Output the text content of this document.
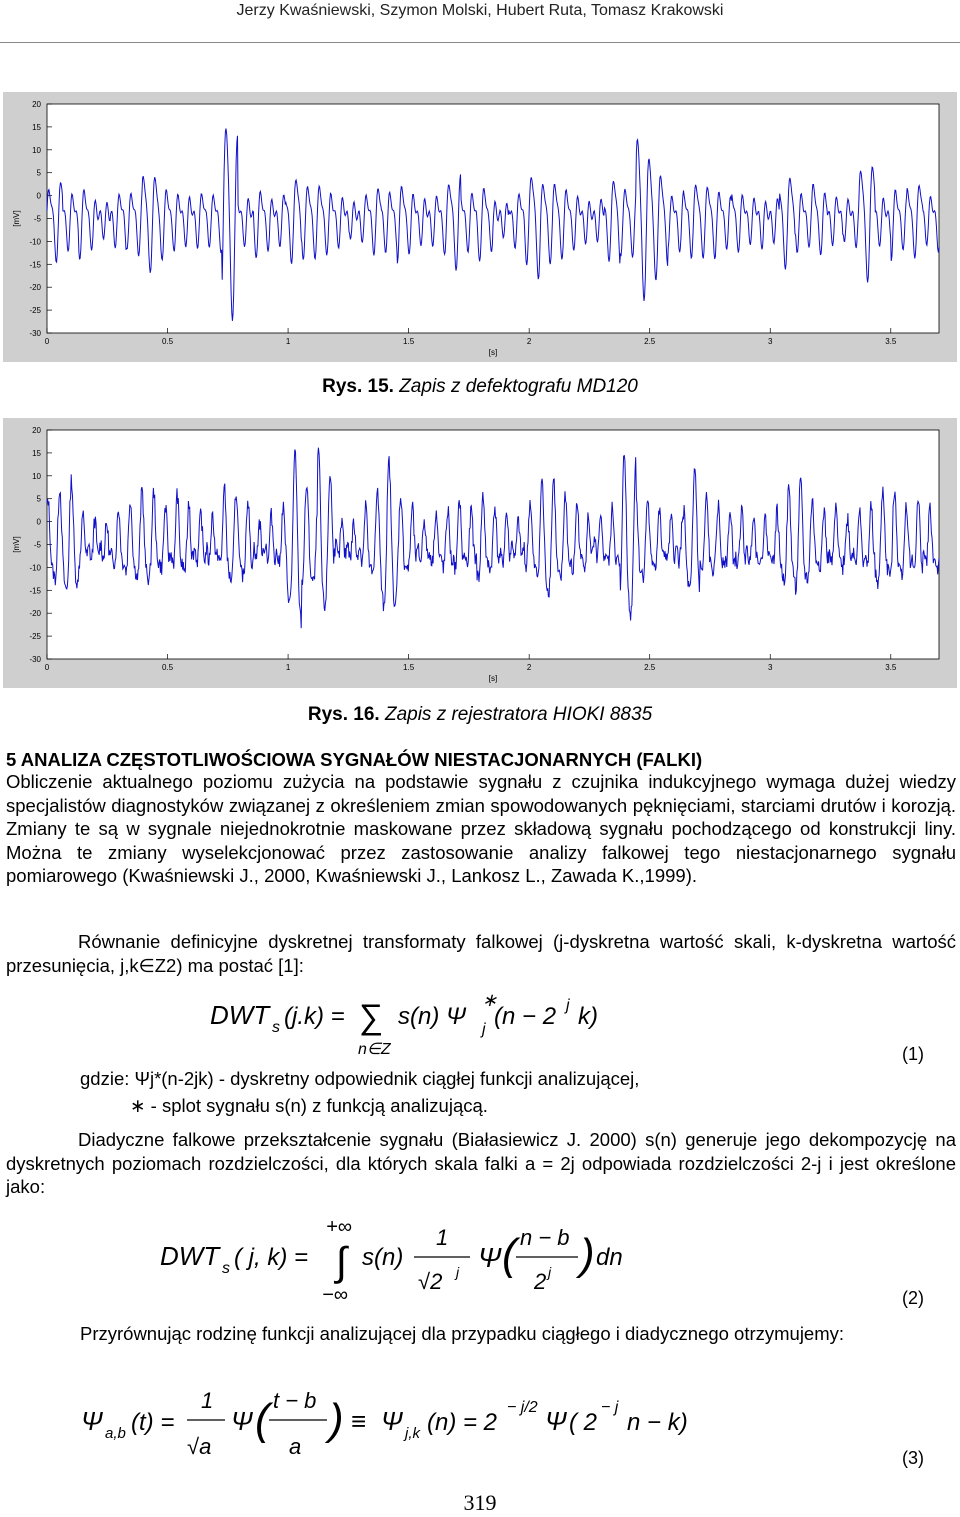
Jerzy Kwaśniewski, Szymon Molski, Hubert Ruta, Tomasz Krakowski
20
15
10
5
0
-5
-10
-15
-20
-25
-30
0	0.5	1	1.5	2	2.5	3	3.5
[s]
[mV]
Rys. 15. Zapis z defektografu MD120
20
15
10
5
0
-5
-10
-15
-20
-25
-30
0	0.5	1	1.5	2	2.5	3	3.5
[s]
[mV]
Rys. 16. Zapis z rejestratora HIOKI 8835
5 ANALIZA CZĘSTOTLIWOŚCIOWA SYGNAŁÓW NIESTACJONARNYCH (FALKI)
Obliczenie aktualnego poziomu zużycia na podstawie sygnału z czujnika indukcyjnego wymaga dużej wiedzy specjalistów diagnostyków związanej z określeniem zmian spowodowanych pęknięciami, starciami drutów i korozją. Zmiany te są w sygnale niejednokrotnie maskowane przez składową sygnału pochodzącego od konstrukcji liny. Można te zmiany wyselekcjonować przez zastosowanie analizy falkowej tego niestacjonarnego sygnału pomiarowego (Kwaśniewski J., 2000, Kwaśniewski J., Lankosz L., Zawada K.,1999).
Równanie definicyjne dyskretnej transformaty falkowej (j-dyskretna wartość skali, k-dyskretna wartość przesunięcia, j,k∈Z2) ma postać [1]:
DWT s (j.k) = ∑ s(n) Ψ
∗
j (n − 2 j k)
n∈Z	(1)
gdzie: Ψj*(n-2jk) - dyskretny odpowiednik ciągłej funkcji analizującej,
∗ - splot sygnału s(n) z funkcją analizującą.
Diadyczne falkowe przekształcenie sygnału (Białasiewicz J. 2000) s(n) generuje jego dekompozycję na dyskretnych poziomach rozdzielczości, dla których skala falki a = 2j odpowiada rozdzielczości 2-j i jest określone jako:
DWT s ( j, k) =
+∞
∫
−∞
s(n)
1
√2 j Ψ ( n − b
2 j ) dn
(2)
Przyrównując rodzinę funkcji analizującej dla przypadku ciągłego i diadycznego otrzymujemy:
Ψ a,b (t) =
1
√a
Ψ ( t − b
a
) ≡ Ψ j,k (n) = 2
− j/2 Ψ ( 2
− j
n − k)
(3)
319
